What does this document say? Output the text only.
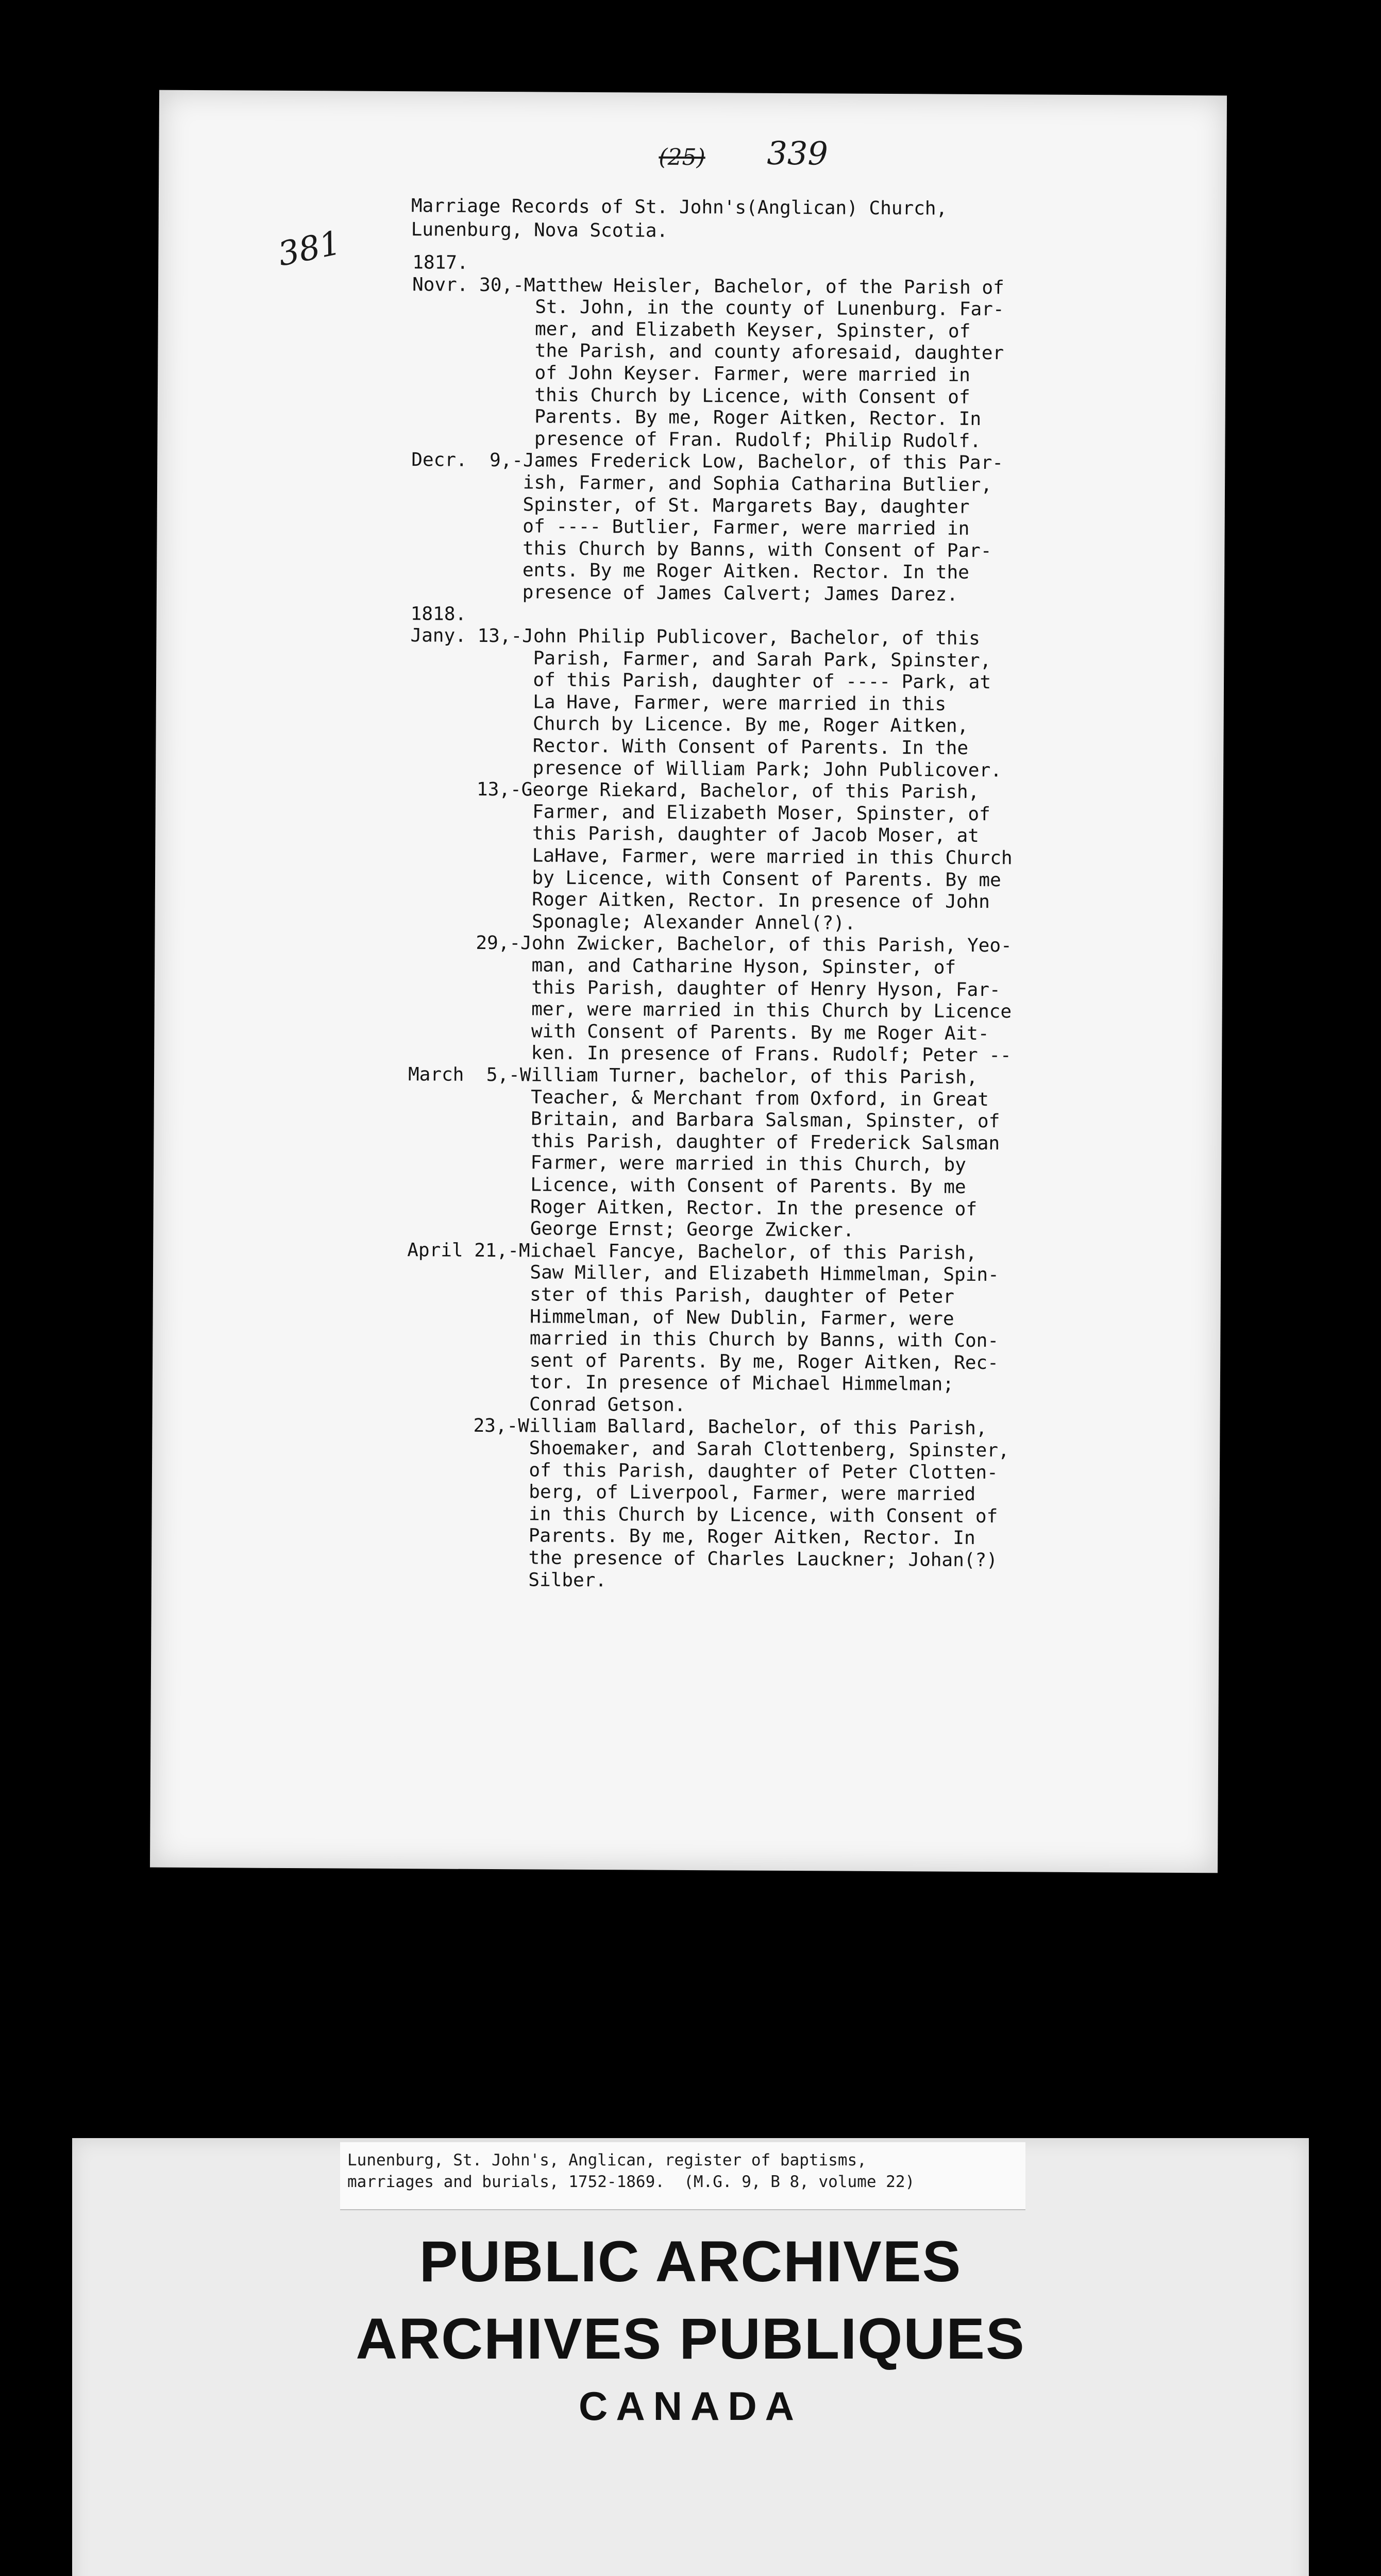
(25) 339
381
Marriage Records of St. John's(Anglican) Church,
Lunenburg, Nova Scotia.
1817.
Novr. 30,-Matthew Heisler, Bachelor, of the Parish of
St. John, in the county of Lunenburg. Far-
mer, and Elizabeth Keyser, Spinster, of
the Parish, and county aforesaid, daughter
of John Keyser. Farmer, were married in
this Church by Licence, with Consent of
Parents. By me, Roger Aitken, Rector. In
presence of Fran. Rudolf; Philip Rudolf.
Decr.  9,-James Frederick Low, Bachelor, of this Par-
ish, Farmer, and Sophia Catharina Butlier,
Spinster, of St. Margarets Bay, daughter
of ---- Butlier, Farmer, were married in
this Church by Banns, with Consent of Par-
ents. By me Roger Aitken. Rector. In the
presence of James Calvert; James Darez.
1818.
Jany. 13,-John Philip Publicover, Bachelor, of this
Parish, Farmer, and Sarah Park, Spinster,
of this Parish, daughter of ---- Park, at
La Have, Farmer, were married in this
Church by Licence. By me, Roger Aitken,
Rector. With Consent of Parents. In the
presence of William Park; John Publicover.
13,-George Riekard, Bachelor, of this Parish,
Farmer, and Elizabeth Moser, Spinster, of
this Parish, daughter of Jacob Moser, at
LaHave, Farmer, were married in this Church
by Licence, with Consent of Parents. By me
Roger Aitken, Rector. In presence of John
Sponagle; Alexander Annel(?).
29,-John Zwicker, Bachelor, of this Parish, Yeo-
man, and Catharine Hyson, Spinster, of
this Parish, daughter of Henry Hyson, Far-
mer, were married in this Church by Licence
with Consent of Parents. By me Roger Ait-
ken. In presence of Frans. Rudolf; Peter --
March  5,-William Turner, bachelor, of this Parish,
Teacher, & Merchant from Oxford, in Great
Britain, and Barbara Salsman, Spinster, of
this Parish, daughter of Frederick Salsman
Farmer, were married in this Church, by
Licence, with Consent of Parents. By me
Roger Aitken, Rector. In the presence of
George Ernst; George Zwicker.
April 21,-Michael Fancye, Bachelor, of this Parish,
Saw Miller, and Elizabeth Himmelman, Spin-
ster of this Parish, daughter of Peter
Himmelman, of New Dublin, Farmer, were
married in this Church by Banns, with Con-
sent of Parents. By me, Roger Aitken, Rec-
tor. In presence of Michael Himmelman;
Conrad Getson.
23,-William Ballard, Bachelor, of this Parish,
Shoemaker, and Sarah Clottenberg, Spinster,
of this Parish, daughter of Peter Clotten-
berg, of Liverpool, Farmer, were married
in this Church by Licence, with Consent of
Parents. By me, Roger Aitken, Rector. In
the presence of Charles Lauckner; Johan(?)
Silber.
Lunenburg, St. John's, Anglican, register of baptisms,
marriages and burials, 1752-1869.  (M.G. 9, B 8, volume 22)

PUBLIC ARCHIVES

ARCHIVES PUBLIQUES

CANADA
